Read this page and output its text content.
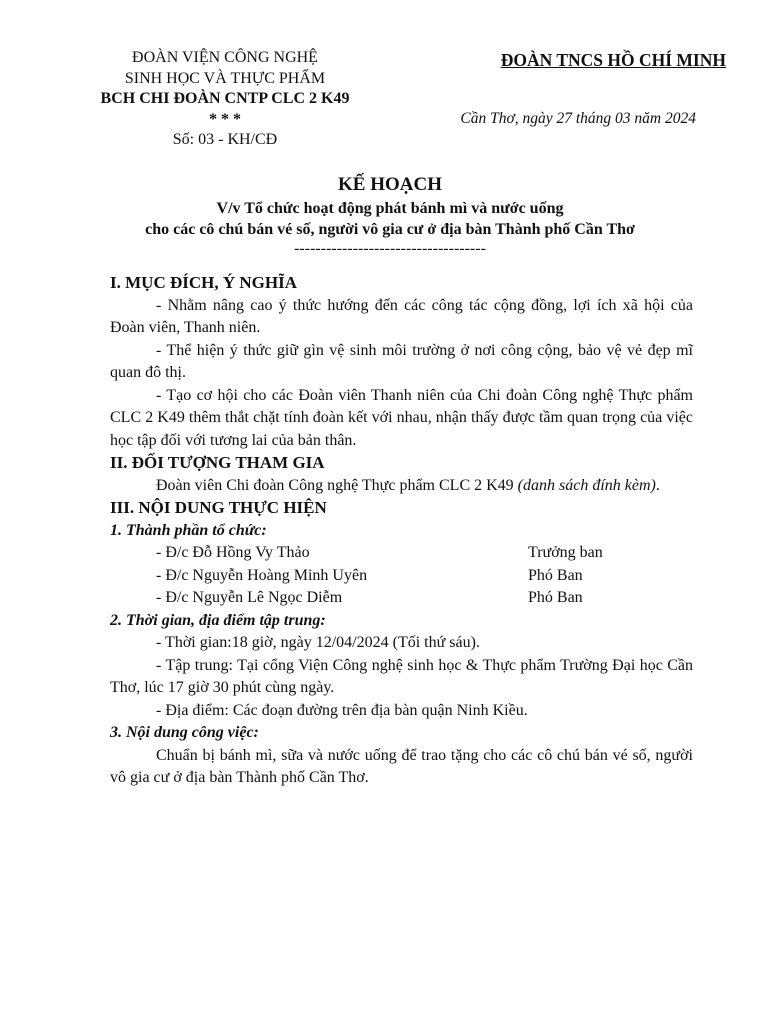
ĐOÀN VIỆN CÔNG NGHỆ
SINH HỌC VÀ THỰC PHẨM
BCH CHI ĐOÀN CNTP CLC 2 K49
* * *
Số: 03 - KH/CĐ
ĐOÀN TNCS HỒ CHÍ MINH
Cần Thơ, ngày 27 tháng 03 năm 2024
KẾ HOẠCH
V/v Tổ chức hoạt động phát bánh mì và nước uống
cho các cô chú bán vé số, người vô gia cư ở địa bàn Thành phố Cần Thơ
------------------------------------
I. MỤC ĐÍCH, Ý NGHĨA
- Nhằm nâng cao ý thức hướng đến các công tác cộng đồng, lợi ích xã hội của Đoàn viên, Thanh niên.
- Thể hiện ý thức giữ gìn vệ sinh môi trường ở nơi công cộng, bảo vệ vẻ đẹp mĩ quan đô thị.
- Tạo cơ hội cho các Đoàn viên Thanh niên của Chi đoàn Công nghệ Thực phẩm CLC 2 K49 thêm thắt chặt tính đoàn kết với nhau, nhận thấy được tầm quan trọng của việc học tập đối với tương lai của bản thân.
II. ĐỐI TƯỢNG THAM GIA
Đoàn viên Chi đoàn Công nghệ Thực phẩm CLC 2 K49 (danh sách đính kèm).
III. NỘI DUNG THỰC HIỆN
1. Thành phần tổ chức:
- Đ/c Đỗ Hồng Vy Thảo	Trưởng ban
- Đ/c Nguyễn Hoàng Minh Uyên	Phó Ban
- Đ/c Nguyễn Lê Ngọc Diễm	Phó Ban
2. Thời gian, địa điểm tập trung:
- Thời gian:18 giờ, ngày 12/04/2024 (Tối thứ sáu).
- Tập trung: Tại cổng Viện Công nghệ sinh học & Thực phẩm Trường Đại học Cần Thơ, lúc 17 giờ 30 phút cùng ngày.
- Địa điểm: Các đoạn đường trên địa bàn quận Ninh Kiều.
3. Nội dung công việc:
Chuẩn bị bánh mì, sữa và nước uống để trao tặng cho các cô chú bán vé số, người vô gia cư ở địa bàn Thành phố Cần Thơ.
